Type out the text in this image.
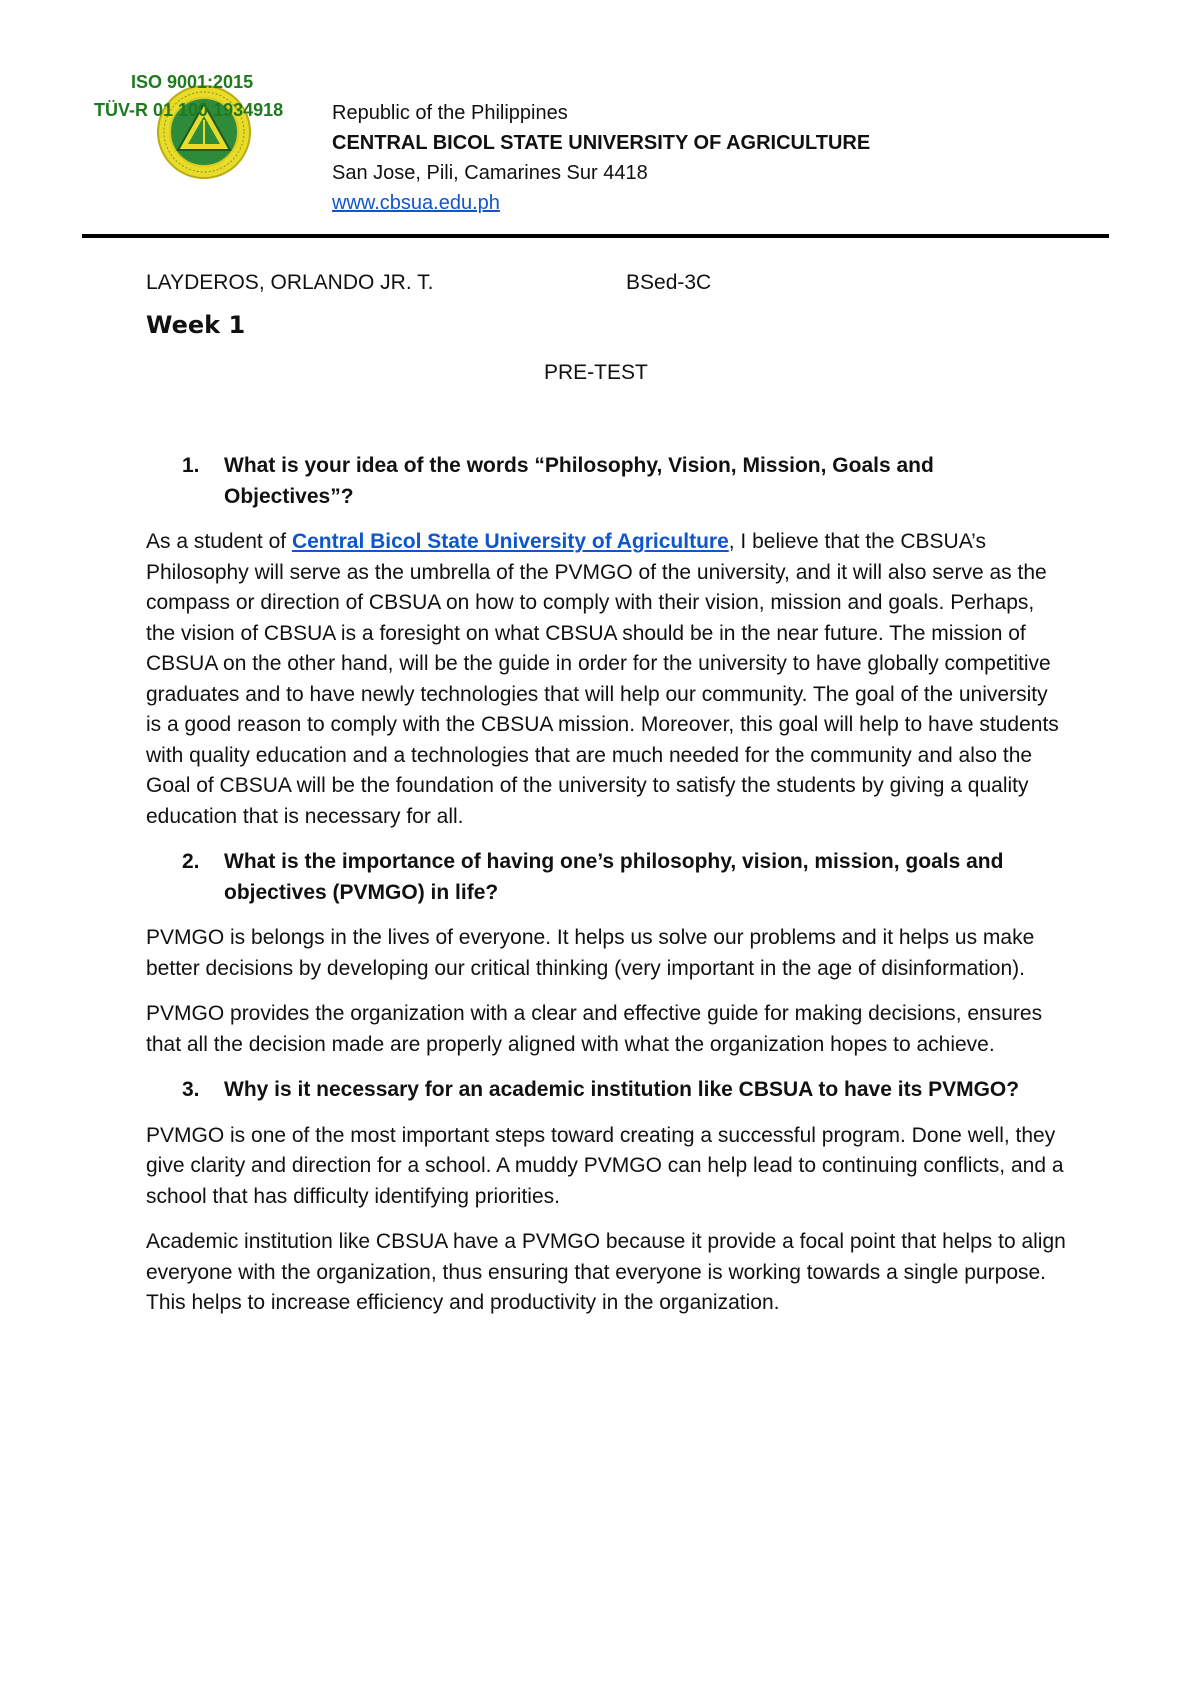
ISO 9001:2015
TÜV-R 01 100 1934918 Republic of the Philippines
CENTRAL BICOL STATE UNIVERSITY OF AGRICULTURE
San Jose, Pili, Camarines Sur 4418
www.cbsua.edu.ph
LAYDEROS, ORLANDO JR. T.	BSed-3C
Week 1
PRE-TEST
1.	What is your idea of the words “Philosophy, Vision, Mission, Goals and Objectives”?

As a student of Central Bicol State University of Agriculture, I believe that the CBSUA’s Philosophy will serve as the umbrella of the PVMGO of the university, and it will also serve as the compass or direction of CBSUA on how to comply with their vision, mission and goals. Perhaps, the vision of CBSUA is a foresight on what CBSUA should be in the near future. The mission of CBSUA on the other hand, will be the guide in order for the university to have globally competitive graduates and to have newly technologies that will help our community. The goal of the university is a good reason to comply with the CBSUA mission. Moreover, this goal will help to have students with quality education and a technologies that are much needed for the community and also the Goal of CBSUA will be the foundation of the university to satisfy the students by giving a quality education that is necessary for all.

2.	What is the importance of having one’s philosophy, vision, mission, goals and objectives (PVMGO) in life?

PVMGO is belongs in the lives of everyone. It helps us solve our problems and it helps us make better decisions by developing our critical thinking (very important in the age of disinformation).

PVMGO provides the organization with a clear and effective guide for making decisions, ensures that all the decision made are properly aligned with what the organization hopes to achieve.

3.	Why is it necessary for an academic institution like CBSUA to have its PVMGO?

PVMGO is one of the most important steps toward creating a successful program. Done well, they give clarity and direction for a school. A muddy PVMGO can help lead to continuing conflicts, and a school that has difficulty identifying priorities.

Academic institution like CBSUA have a PVMGO because it provide a focal point that helps to align everyone with the organization, thus ensuring that everyone is working towards a single purpose. This helps to increase efficiency and productivity in the organization.
